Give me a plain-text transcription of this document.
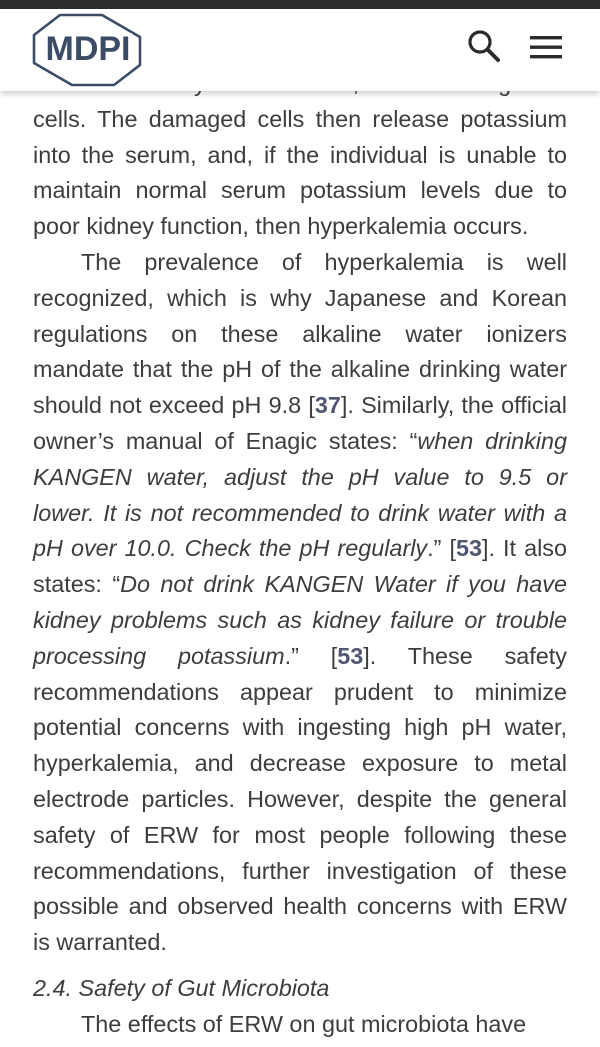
MDPI

cells. The damaged cells then release potassium into the serum, and, if the individual is unable to maintain normal serum potassium levels due to poor kidney function, then hyperkalemia occurs.

The prevalence of hyperkalemia is well recognized, which is why Japanese and Korean regulations on these alkaline water ionizers mandate that the pH of the alkaline drinking water should not exceed pH 9.8 [37]. Similarly, the official owner’s manual of Enagic states: “when drinking KANGEN water, adjust the pH value to 9.5 or lower. It is not recommended to drink water with a pH over 10.0. Check the pH regularly.” [53]. It also states: “Do not drink KANGEN Water if you have kidney problems such as kidney failure or trouble processing potassium.” [53]. These safety recommendations appear prudent to minimize potential concerns with ingesting high pH water, hyperkalemia, and decrease exposure to metal electrode particles. However, despite the general safety of ERW for most people following these recommendations, further investigation of these possible and observed health concerns with ERW is warranted.

2.4. Safety of Gut Microbiota

The effects of ERW on gut microbiota have
